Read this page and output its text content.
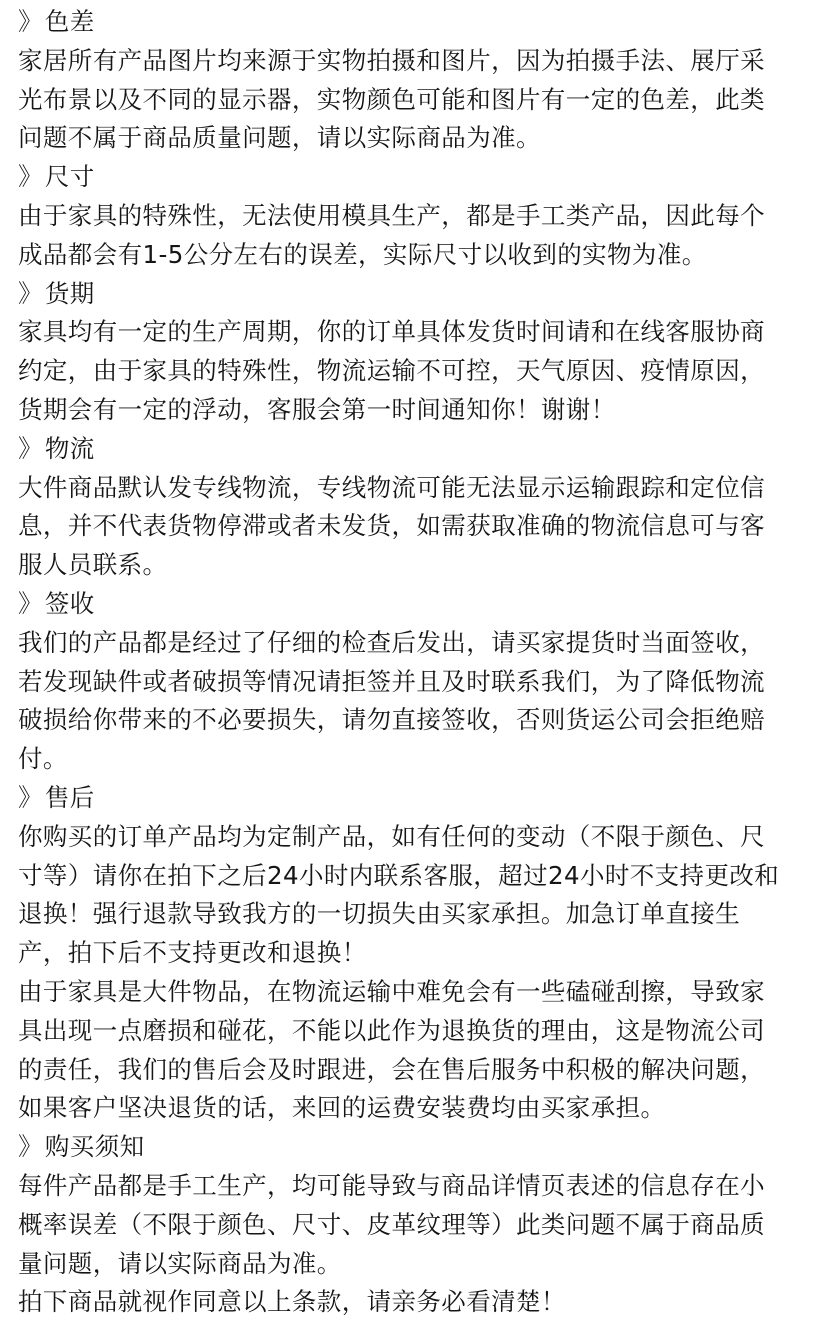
》色差
家居所有产品图片均来源于实物拍摄和图片，因为拍摄手法、展厅采
光布景以及不同的显示器，实物颜色可能和图片有一定的色差，此类
问题不属于商品质量问题，请以实际商品为准。
》尺寸
由于家具的特殊性，无法使用模具生产，都是手工类产品，因此每个
成品都会有1-5公分左右的误差，实际尺寸以收到的实物为准。
》货期
家具均有一定的生产周期，你的订单具体发货时间请和在线客服协商
约定，由于家具的特殊性，物流运输不可控，天气原因、疫情原因，
货期会有一定的浮动，客服会第一时间通知你！谢谢！
》物流
大件商品默认发专线物流，专线物流可能无法显示运输跟踪和定位信
息，并不代表货物停滞或者未发货，如需获取准确的物流信息可与客
服人员联系。
》签收
我们的产品都是经过了仔细的检查后发出，请买家提货时当面签收，
若发现缺件或者破损等情况请拒签并且及时联系我们，为了降低物流
破损给你带来的不必要损失，请勿直接签收，否则货运公司会拒绝赔
付。
》售后
你购买的订单产品均为定制产品，如有任何的变动（不限于颜色、尺
寸等）请你在拍下之后24小时内联系客服，超过24小时不支持更改和
退换！强行退款导致我方的一切损失由买家承担。加急订单直接生
产，拍下后不支持更改和退换！
由于家具是大件物品，在物流运输中难免会有一些磕碰刮擦，导致家
具出现一点磨损和碰花，不能以此作为退换货的理由，这是物流公司
的责任，我们的售后会及时跟进，会在售后服务中积极的解决问题，
如果客户坚决退货的话，来回的运费安装费均由买家承担。
》购买须知
每件产品都是手工生产，均可能导致与商品详情页表述的信息存在小
概率误差（不限于颜色、尺寸、皮革纹理等）此类问题不属于商品质
量问题，请以实际商品为准。
拍下商品就视作同意以上条款，请亲务必看清楚！
